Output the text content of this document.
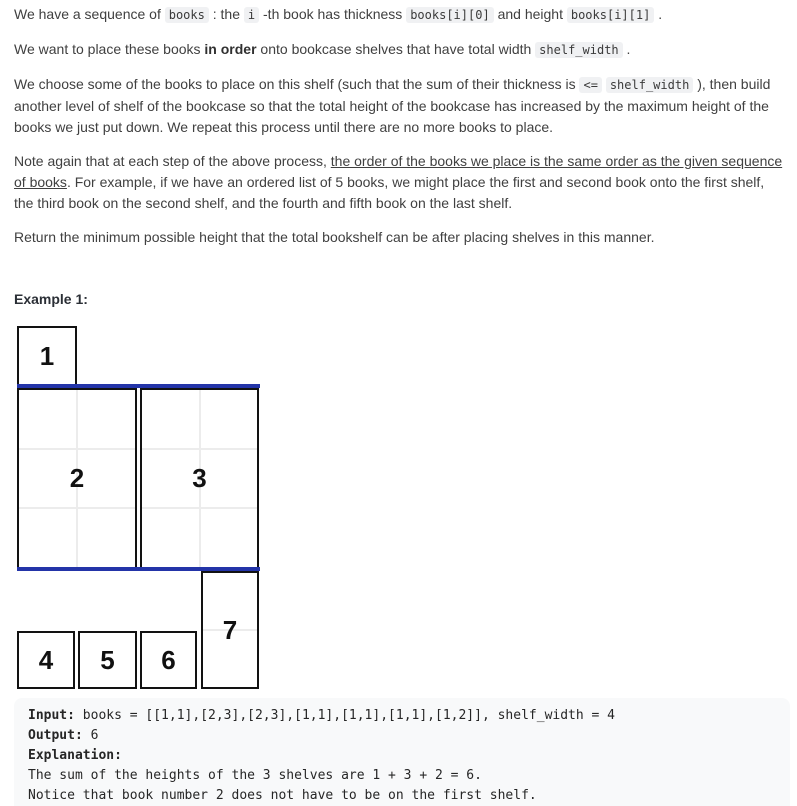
We have a sequence of books : the i -th book has thickness books[i][0] and height books[i][1] .

We want to place these books in order onto bookcase shelves that have total width shelf_width .

We choose some of the books to place on this shelf (such that the sum of their thickness is <= shelf_width ), then build another level of shelf of the bookcase so that the total height of the bookcase has increased by the maximum height of the books we just put down. We repeat this process until there are no more books to place.

Note again that at each step of the above process, the order of the books we place is the same order as the given sequence of books. For example, if we have an ordered list of 5 books, we might place the first and second book onto the first shelf, the third book on the second shelf, and the fourth and fifth book on the last shelf.

Return the minimum possible height that the total bookshelf can be after placing shelves in this manner.

Example 1:
1
2	3
4	5	6
7
Input: books = [[1,1],[2,3],[2,3],[1,1],[1,1],[1,1],[1,2]], shelf_width = 4
Output: 6
Explanation:
The sum of the heights of the 3 shelves are 1 + 3 + 2 = 6.
Notice that book number 2 does not have to be on the first shelf.
